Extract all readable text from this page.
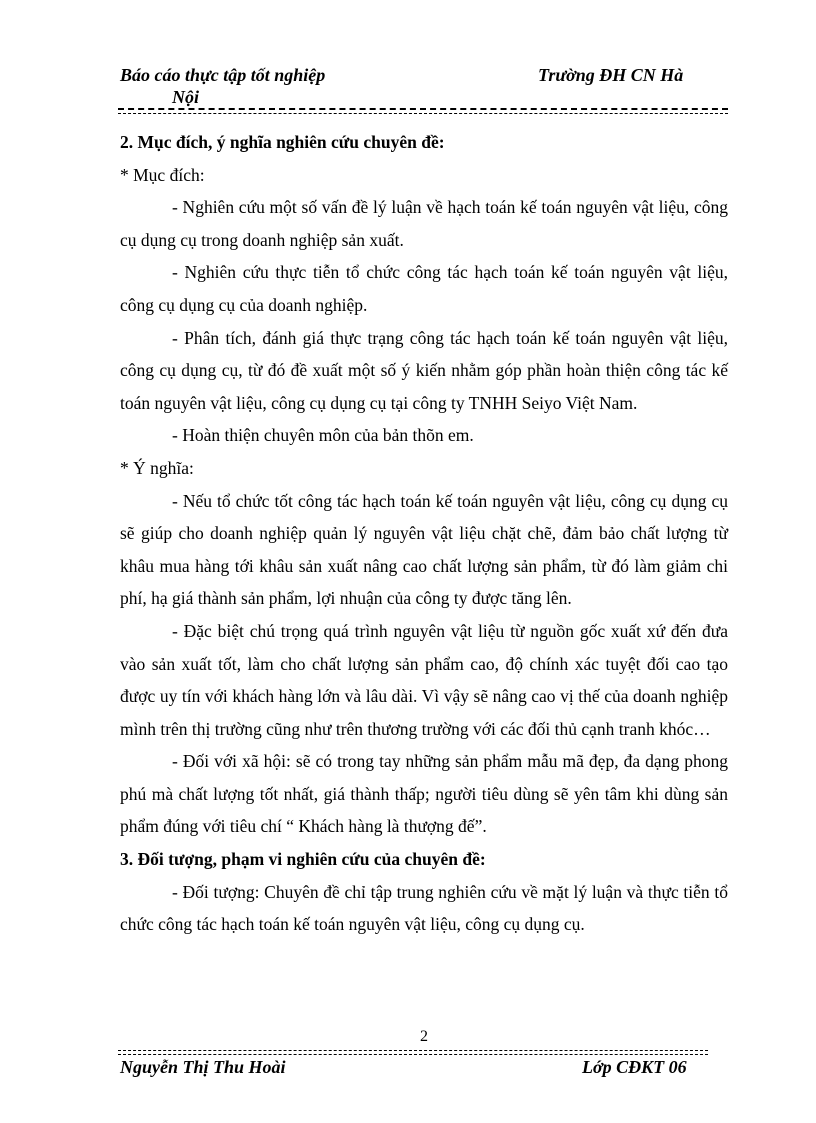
Báo cáo thực tập tốt nghiệp
Nội
Trường ĐH CN Hà

2. Mục đích, ý nghĩa nghiên cứu chuyên đề:

* Mục đích:

- Nghiên cứu một số vấn đề lý luận về hạch toán kế toán nguyên vật liệu, công cụ dụng cụ trong doanh nghiệp sản xuất.

- Nghiên cứu thực tiễn tổ chức công tác hạch toán kế toán nguyên vật liệu, công cụ dụng cụ của doanh nghiệp.

- Phân tích, đánh giá thực trạng công tác hạch toán kế toán nguyên vật liệu, công cụ dụng cụ, từ đó đề xuất một số ý kiến nhằm góp phần hoàn thiện công tác kế toán nguyên vật liệu, công cụ dụng cụ tại công ty TNHH Seiyo Việt Nam.

- Hoàn thiện chuyên môn của bản thõn em.

* Ý nghĩa:

- Nếu tổ chức tốt công tác hạch toán kế toán nguyên vật liệu, công cụ dụng cụ sẽ giúp cho doanh nghiệp quản lý nguyên vật liệu chặt chẽ, đảm bảo chất lượng từ khâu mua hàng tới khâu sản xuất nâng cao chất lượng sản phẩm, từ đó làm giảm chi phí, hạ giá thành sản phẩm, lợi nhuận của công ty được tăng lên.

- Đặc biệt chú trọng quá trình nguyên vật liệu từ nguồn gốc xuất xứ đến đưa vào sản xuất tốt, làm cho chất lượng sản phẩm cao, độ chính xác tuyệt đối cao tạo được uy tín với khách hàng lớn và lâu dài. Vì vậy sẽ nâng cao vị thế của doanh nghiệp mình trên thị trường cũng như trên thương trường với các đối thủ cạnh tranh khóc…

- Đối với xã hội: sẽ có trong tay những sản phẩm mẫu mã đẹp, đa dạng phong phú mà chất lượng tốt nhất, giá thành thấp; người tiêu dùng sẽ yên tâm khi dùng sản phẩm đúng với tiêu chí “ Khách hàng là thượng đế”.

3. Đối tượng, phạm vi nghiên cứu của chuyên đề:

- Đối tượng: Chuyên đề chỉ tập trung nghiên cứu về mặt lý luận và thực tiễn tổ chức công tác hạch toán kế toán nguyên vật liệu, công cụ dụng cụ.

2
Nguyễn Thị Thu Hoài	Lớp CĐKT 06
